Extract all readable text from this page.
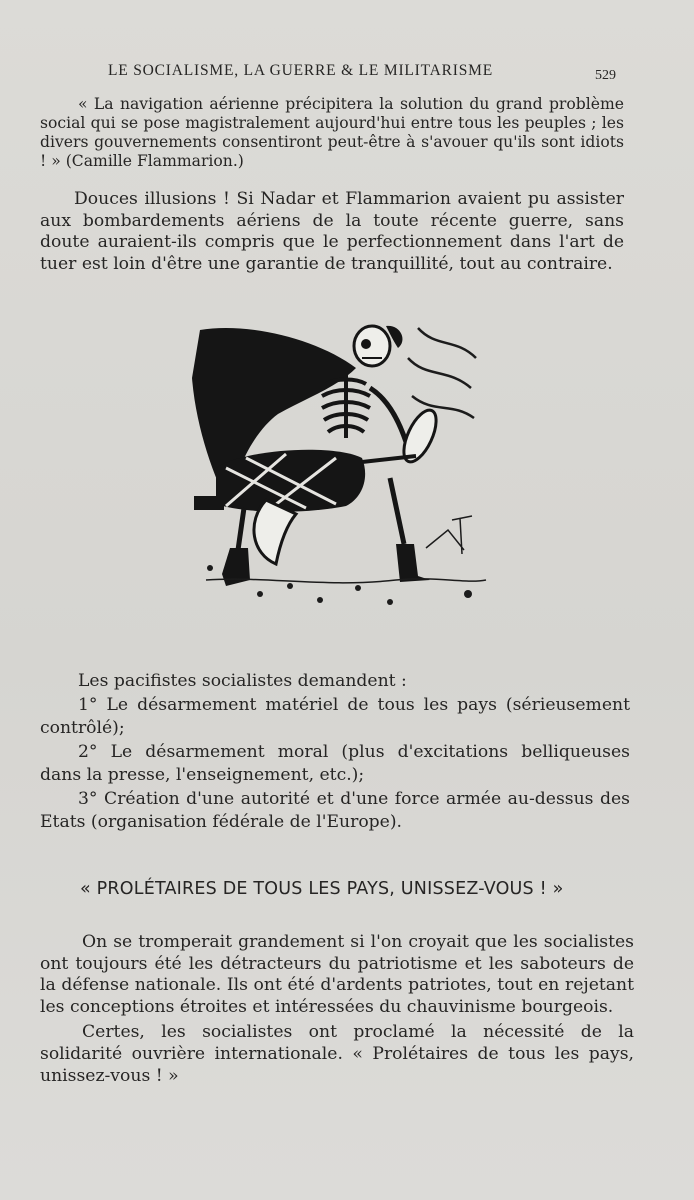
LE SOCIALISME, LA GUERRE & LE MILITARISME	529

« La navigation aérienne précipitera la solution du grand problème social qui se pose magistralement aujourd'hui entre tous les peuples ; les divers gouvernements consentiront peut-être à s'avouer qu'ils sont idiots ! » (Camille Flammarion.)

Douces illusions ! Si Nadar et Flammarion avaient pu assister aux bombardements aériens de la toute récente guerre, sans doute auraient-ils compris que le perfectionnement dans l'art de tuer est loin d'être une garantie de tranquillité, tout au contraire.

Les pacifistes socialistes demandent :

1° Le désarmement matériel de tous les pays (sérieusement contrôlé);

2° Le désarmement moral (plus d'excitations belliqueuses dans la presse, l'enseignement, etc.);

3° Création d'une autorité et d'une force armée au-dessus des Etats (organisation fédérale de l'Europe).

« PROLÉTAIRES DE TOUS LES PAYS, UNISSEZ-VOUS ! »

On se tromperait grandement si l'on croyait que les socialistes ont toujours été les détracteurs du patriotisme et les saboteurs de la défense nationale. Ils ont été d'ardents patriotes, tout en rejetant les conceptions étroites et intéressées du chauvinisme bourgeois.

Certes, les socialistes ont proclamé la nécessité de la solidarité ouvrière internationale. « Prolétaires de tous les pays, unissez-vous ! »
